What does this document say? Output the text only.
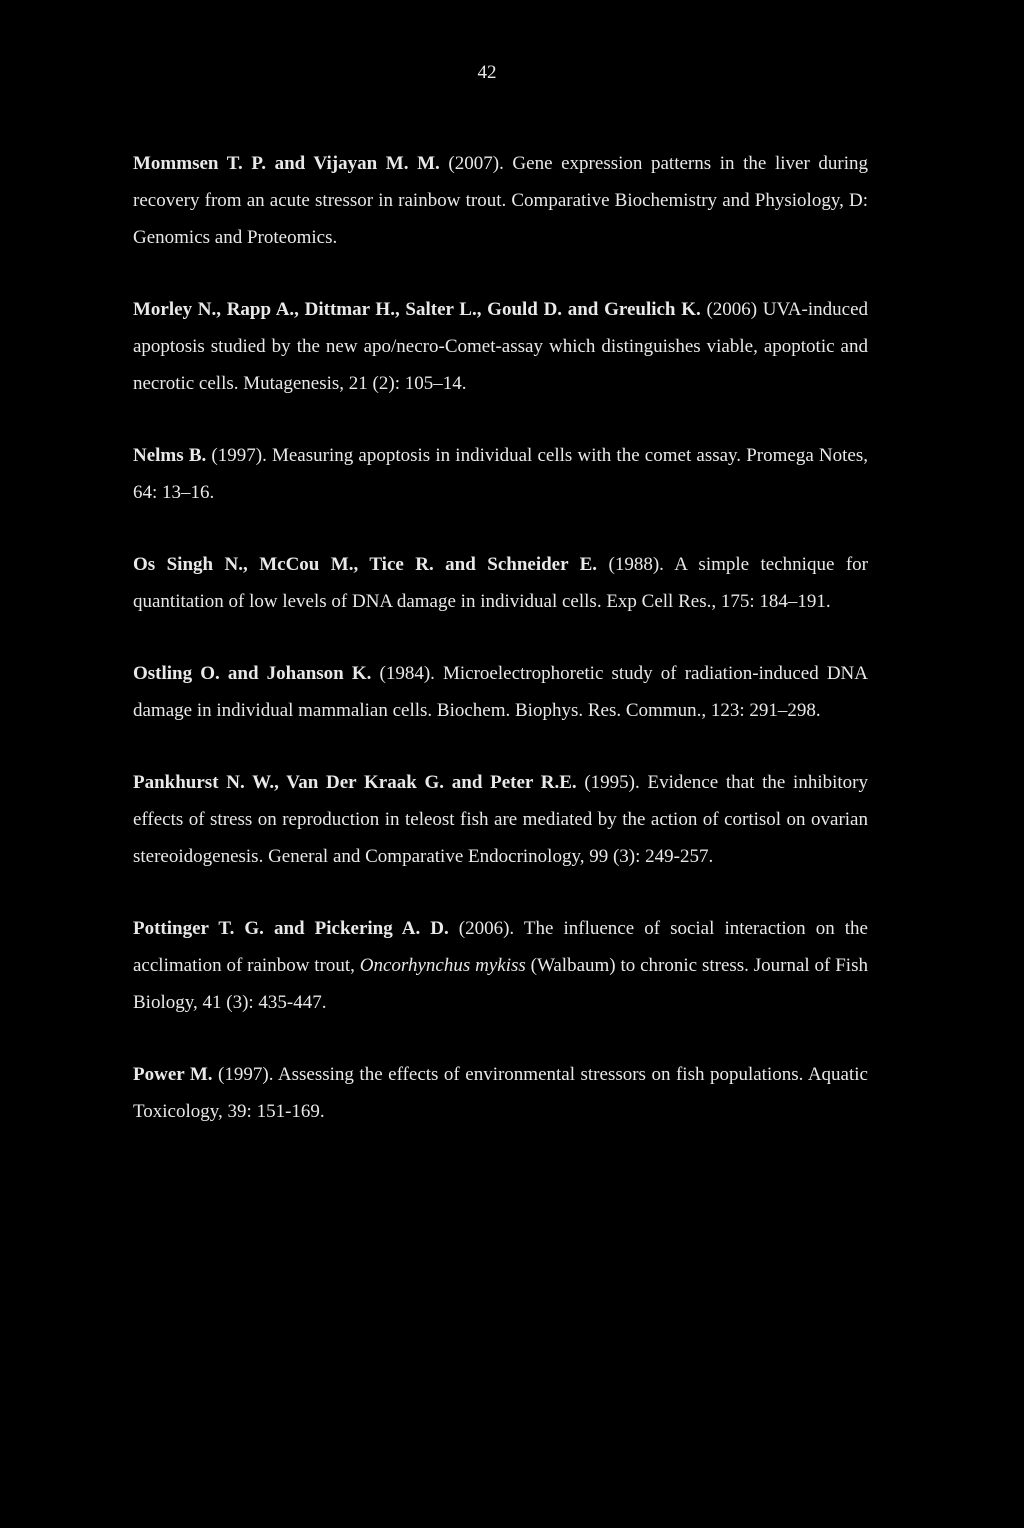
42

Mommsen T. P. and Vijayan M. M. (2007). Gene expression patterns in the liver during recovery from an acute stressor in rainbow trout. Comparative Biochemistry and Physiology, D: Genomics and Proteomics.

Morley N., Rapp A., Dittmar H., Salter L., Gould D. and Greulich K. (2006) UVA-induced apoptosis studied by the new apo/necro-Comet-assay which distinguishes viable, apoptotic and necrotic cells. Mutagenesis, 21 (2): 105–14.

Nelms B. (1997). Measuring apoptosis in individual cells with the comet assay. Promega Notes, 64: 13–16.

Os Singh N., McCou M., Tice R. and Schneider E. (1988). A simple technique for quantitation of low levels of DNA damage in individual cells. Exp Cell Res., 175: 184–191.

Ostling O. and Johanson K. (1984). Microelectrophoretic study of radiation-induced DNA damage in individual mammalian cells. Biochem. Biophys. Res. Commun., 123: 291–298.

Pankhurst N. W., Van Der Kraak G. and Peter R.E. (1995). Evidence that the inhibitory effects of stress on reproduction in teleost fish are mediated by the action of cortisol on ovarian stereoidogenesis. General and Comparative Endocrinology, 99 (3): 249-257.

Pottinger T. G. and Pickering A. D. (2006). The influence of social interaction on the acclimation of rainbow trout, Oncorhynchus mykiss (Walbaum) to chronic stress. Journal of Fish Biology, 41 (3): 435-447.

Power M. (1997). Assessing the effects of environmental stressors on fish populations. Aquatic Toxicology, 39: 151-169.
